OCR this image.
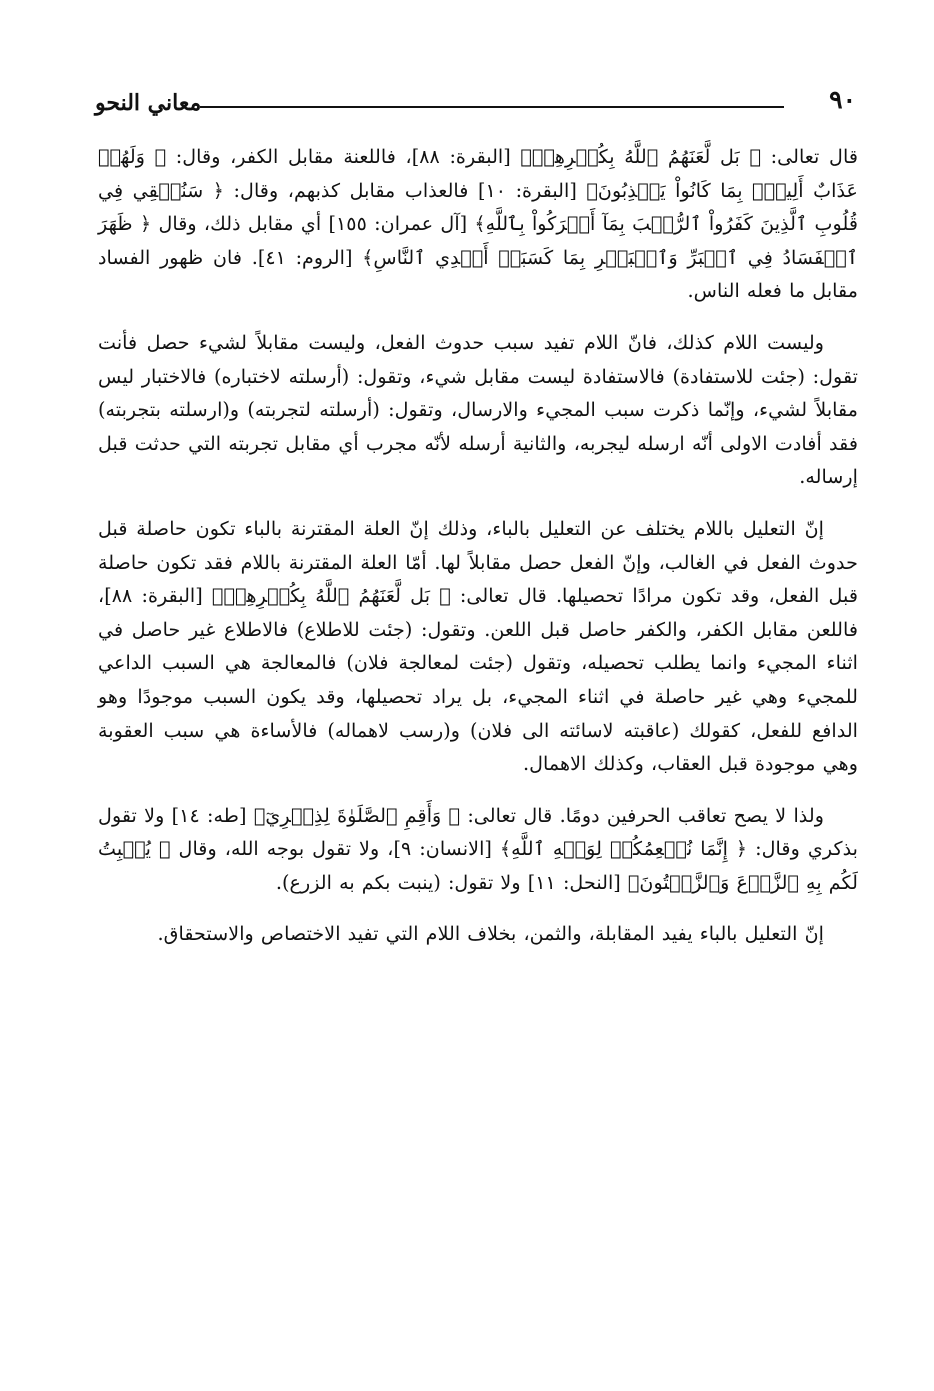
٩٠
معاني النحو

قال تعالى: ﴿ بَل لَّعَنَهُمُ ٱللَّهُ بِكُفۡرِهِمۡ﴾ [البقرة: ٨٨]، فاللعنة مقابل الكفر، وقال: ﴿ وَلَهُمۡ عَذَابٌ أَلِيمُۢ بِمَا كَانُواْ يَكۡذِبُونَ﴾ [البقرة: ١٠] فالعذاب مقابل كذبهم، وقال: ﴿ سَنُلۡقِي فِي قُلُوبِ ٱلَّذِينَ كَفَرُواْ ٱلرُّعۡبَ بِمَآ أَشۡرَكُواْ بِٱللَّهِ﴾ [آل عمران: ١٥٥] أي مقابل ذلك، وقال ﴿ ظَهَرَ ٱلۡفَسَادُ فِي ٱلۡبَرِّ وَٱلۡبَحۡرِ بِمَا كَسَبَتۡ أَيۡدِي ٱلنَّاسِ﴾ [الروم: ٤١]. فان ظهور الفساد مقابل ما فعله الناس.

وليست اللام كذلك، فانّ اللام تفيد سبب حدوث الفعل، وليست مقابلاً لشيء حصل فأنت تقول: (جئت للاستفادة) فالاستفادة ليست مقابل شيء، وتقول: (أرسلته لاختباره) فالاختبار ليس مقابلاً لشيء، وإنّما ذكرت سبب المجيء والارسال، وتقول: (أرسلته لتجربته) و(ارسلته بتجربته) فقد أفادت الاولى أنّه ارسله ليجربه، والثانية أرسله لأنّه مجرب أي مقابل تجربته التي حدثت قبل إرساله.

إنّ التعليل باللام يختلف عن التعليل بالباء، وذلك إنّ العلة المقترنة بالباء تكون حاصلة قبل حدوث الفعل في الغالب، وإنّ الفعل حصل مقابلاً لها. أمّا العلة المقترنة باللام فقد تكون حاصلة قبل الفعل، وقد تكون مرادًا تحصيلها. قال تعالى: ﴿ بَل لَّعَنَهُمُ ٱللَّهُ بِكُفۡرِهِمۡ﴾ [البقرة: ٨٨]، فاللعن مقابل الكفر، والكفر حاصل قبل اللعن. وتقول: (جئت للاطلاع) فالاطلاع غير حاصل في اثناء المجيء وانما يطلب تحصيله، وتقول (جئت لمعالجة فلان) فالمعالجة هي السبب الداعي للمجيء وهي غير حاصلة في اثناء المجيء، بل يراد تحصيلها، وقد يكون السبب موجودًا وهو الدافع للفعل، كقولك (عاقبته لاسائته الى فلان) و(رسب لاهماله) فالأساءة هي سبب العقوبة وهي موجودة قبل العقاب، وكذلك الاهمال.

ولذا لا يصح تعاقب الحرفين دومًا. قال تعالى: ﴿ وَأَقِمِ ٱلصَّلَوٰةَ لِذِكۡرِيٓ﴾ [طه: ١٤] ولا تقول بذكري وقال: ﴿ إِنَّمَا نُطۡعِمُكُمۡ لِوَجۡهِ ٱللَّهِ﴾ [الانسان: ٩]، ولا تقول بوجه الله، وقال ﴿ يُنۢبِتُ لَكُم بِهِ ٱلزَّرۡعَ وَٱلزَّيۡتُونَ﴾ [النحل: ١١] ولا تقول: (ينبت بكم به الزرع).

إنّ التعليل بالباء يفيد المقابلة، والثمن، بخلاف اللام التي تفيد الاختصاص والاستحقاق.
